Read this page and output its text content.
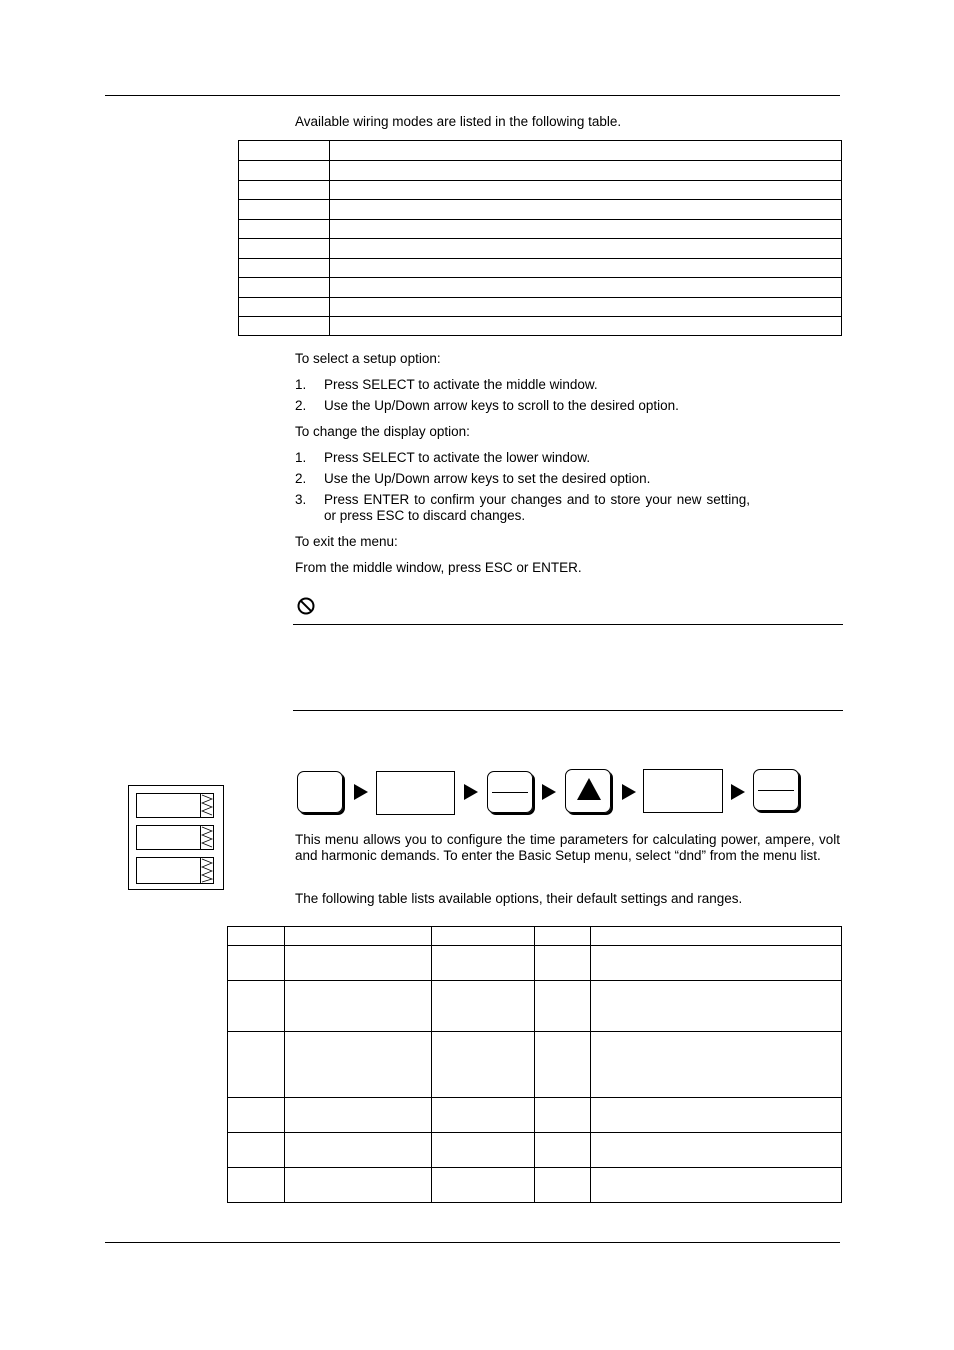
Available wiring modes are listed in the following table.

To select a setup option:

1. Press SELECT to activate the middle window.

2. Use the Up/Down arrow keys to scroll to the desired option.

To change the display option:

1. Press SELECT to activate the lower window.

2. Use the Up/Down arrow keys to set the desired option.

3. Press ENTER to confirm your changes and to store your new setting, or press ESC to discard changes.

To exit the menu:

From the middle window, press ESC or ENTER.

This menu allows you to configure the time parameters for calculating power, ampere, volt and harmonic demands. To enter the Basic Setup menu, select “dnd” from the menu list.

The following table lists available options, their default settings and ranges.
